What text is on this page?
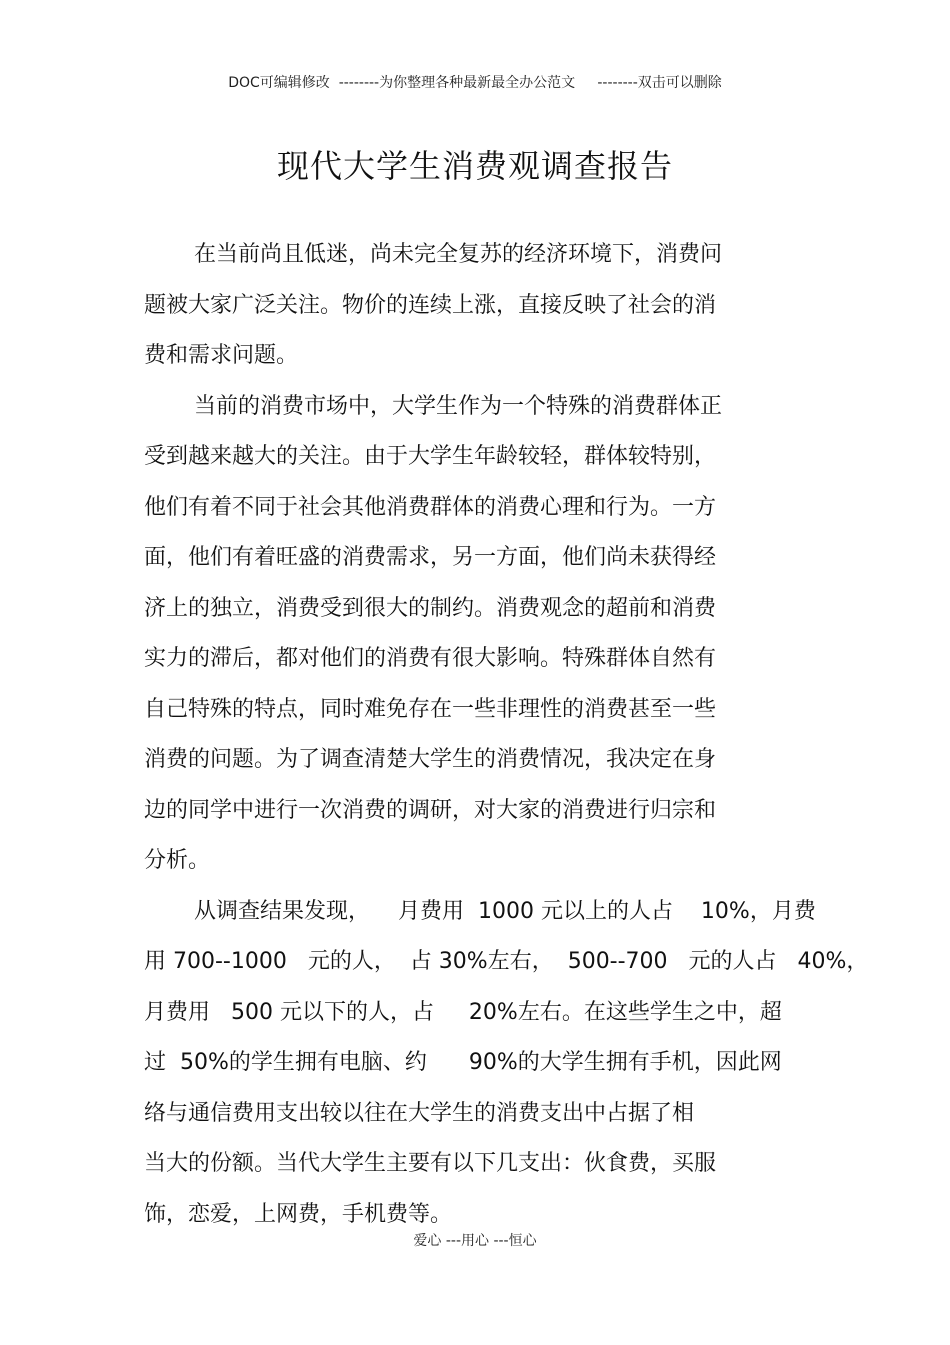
DOC可编辑修改  --------为你整理各种最新最全办公范文     --------双击可以删除
现代大学生消费观调查报告
在当前尚且低迷，尚未完全复苏的经济环境下，消费问
题被大家广泛关注。物价的连续上涨，直接反映了社会的消
费和需求问题。
当前的消费市场中，大学生作为一个特殊的消费群体正
受到越来越大的关注。由于大学生年龄较轻，群体较特别，
他们有着不同于社会其他消费群体的消费心理和行为。一方
面，他们有着旺盛的消费需求，另一方面，他们尚未获得经
济上的独立，消费受到很大的制约。消费观念的超前和消费
实力的滞后，都对他们的消费有很大影响。特殊群体自然有
自己特殊的特点，同时难免存在一些非理性的消费甚至一些
消费的问题。为了调查清楚大学生的消费情况，我决定在身
边的同学中进行一次消费的调研，对大家的消费进行归宗和
分析。
从调查结果发现，    月费用  1000 元以上的人占    10%，月费
用 700--1000   元的人，  占 30%左右，  500--700   元的人占   40%，
月费用   500 元以下的人，占     20%左右。在这些学生之中，超
过  50%的学生拥有电脑、约      90%的大学生拥有手机，因此网
络与通信费用支出较以往在大学生的消费支出中占据了相
当大的份额。当代大学生主要有以下几支出：伙食费，买服
饰，恋爱，上网费，手机费等。
爱心 ---用心 ---恒心
